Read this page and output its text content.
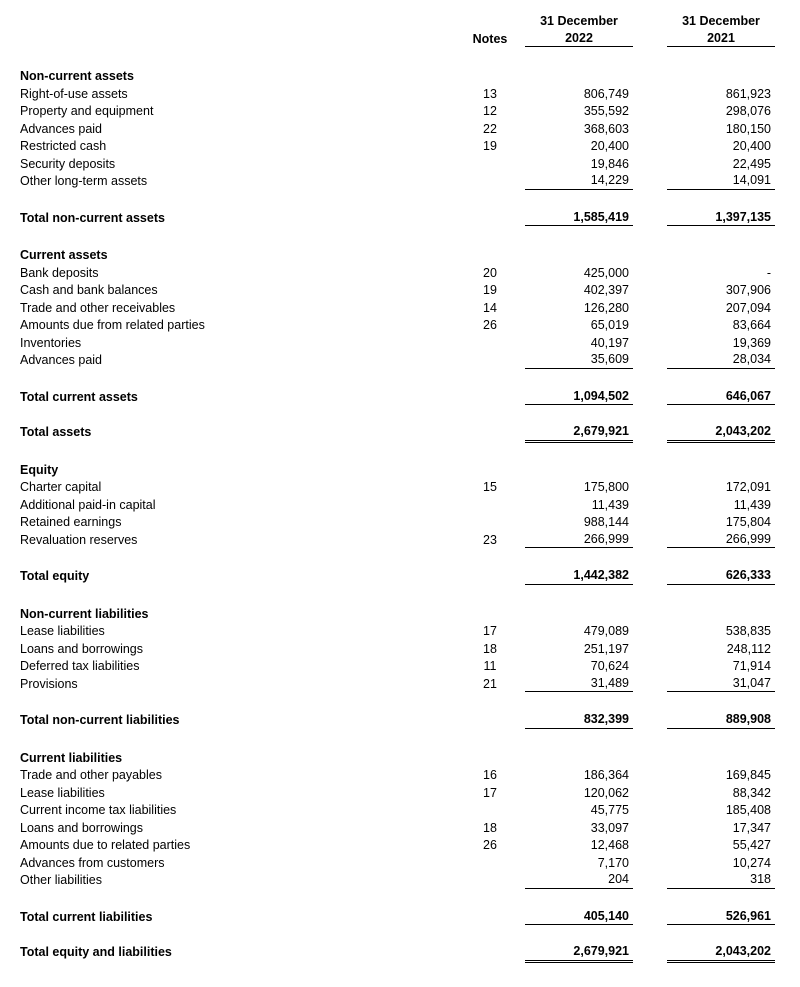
31 December	31 December
Notes	2022	2021
Non-current assets
Right-of-use assets	13	806,749	861,923
Property and equipment	12	355,592	298,076
Advances paid	22	368,603	180,150
Restricted cash	19	20,400	20,400
Security deposits	19,846	22,495
Other long-term assets	14,229	14,091
Total non-current assets	1,585,419	1,397,135
Current assets
Bank deposits	20	425,000	-
Cash and bank balances	19	402,397	307,906
Trade and other receivables	14	126,280	207,094
Amounts due from related parties	26	65,019	83,664
Inventories	40,197	19,369
Advances paid	35,609	28,034
Total current assets	1,094,502	646,067
Total assets	2,679,921	2,043,202
Equity
Charter capital	15	175,800	172,091
Additional paid-in capital	11,439	11,439
Retained earnings	988,144	175,804
Revaluation reserves	23	266,999	266,999
Total equity	1,442,382	626,333
Non-current liabilities
Lease liabilities	17	479,089	538,835
Loans and borrowings	18	251,197	248,112
Deferred tax liabilities	11	70,624	71,914
Provisions	21	31,489	31,047
Total non-current liabilities	832,399	889,908
Current liabilities
Trade and other payables	16	186,364	169,845
Lease liabilities	17	120,062	88,342
Current income tax liabilities	45,775	185,408
Loans and borrowings	18	33,097	17,347
Amounts due to related parties	26	12,468	55,427
Advances from customers	7,170	10,274
Other liabilities	204	318
Total current liabilities	405,140	526,961
Total equity and liabilities	2,679,921	2,043,202
